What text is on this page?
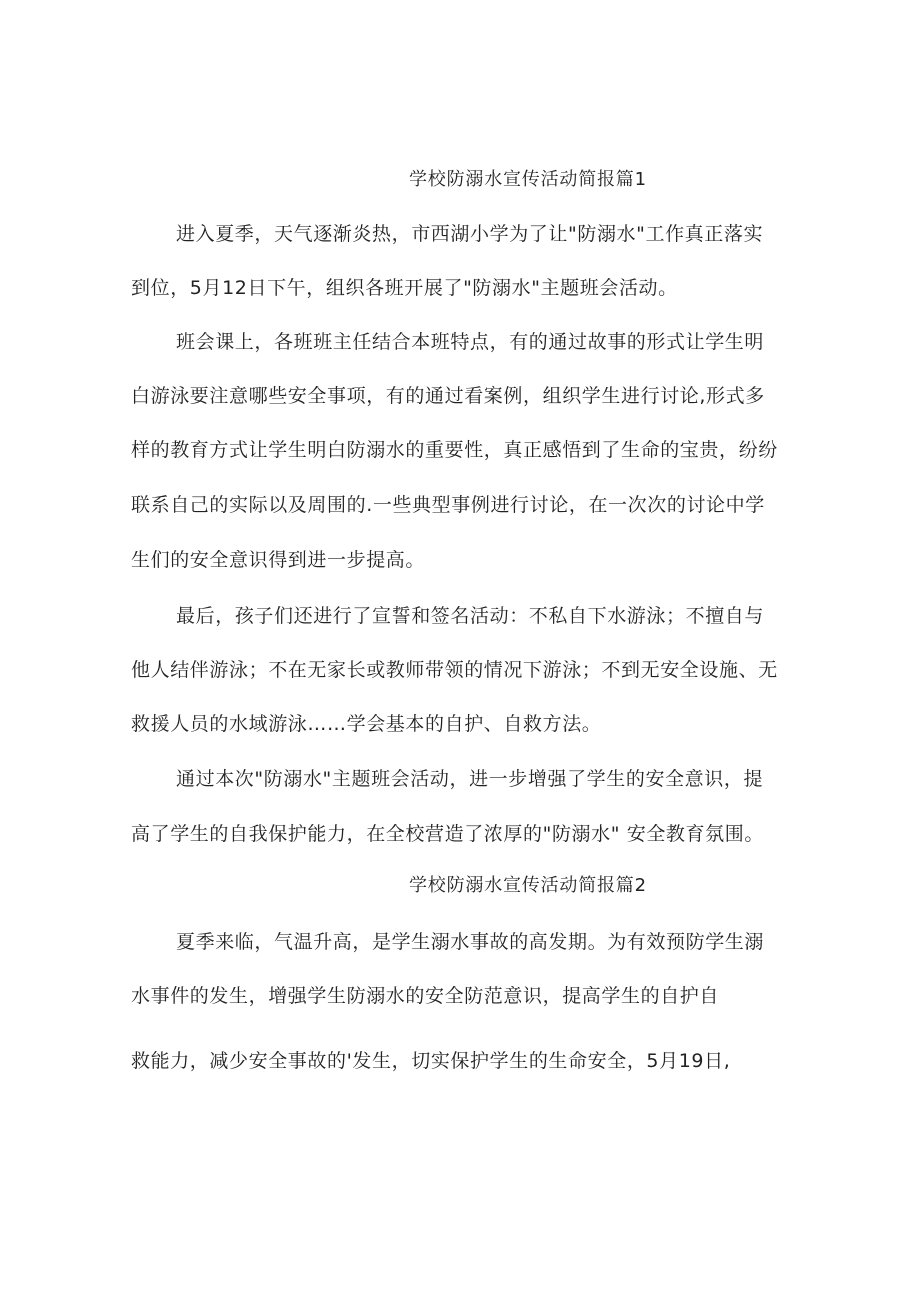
学校防溺水宣传活动简报篇1
进入夏季，天气逐渐炎热，市西湖小学为了让"防溺水"工作真正落实
到位，5月12日下午，组织各班开展了"防溺水"主题班会活动。
班会课上，各班班主任结合本班特点，有的通过故事的形式让学生明
白游泳要注意哪些安全事项，有的通过看案例，组织学生进行讨论,形式多
样的教育方式让学生明白防溺水的重要性，真正感悟到了生命的宝贵，纷纷
联系自己的实际以及周围的.一些典型事例进行讨论，在一次次的讨论中学
生们的安全意识得到进一步提高。
最后，孩子们还进行了宣誓和签名活动：不私自下水游泳；不擅自与
他人结伴游泳；不在无家长或教师带领的情况下游泳；不到无安全设施、无
救援人员的水域游泳……学会基本的自护、自救方法。
通过本次"防溺水"主题班会活动，进一步增强了学生的安全意识，提
高了学生的自我保护能力，在全校营造了浓厚的"防溺水" 安全教育氛围。
学校防溺水宣传活动简报篇2
夏季来临，气温升高，是学生溺水事故的高发期。为有效预防学生溺
水事件的发生，增强学生防溺水的安全防范意识，提高学生的自护自
救能力，减少安全事故的'发生，切实保护学生的生命安全，5月19日,
